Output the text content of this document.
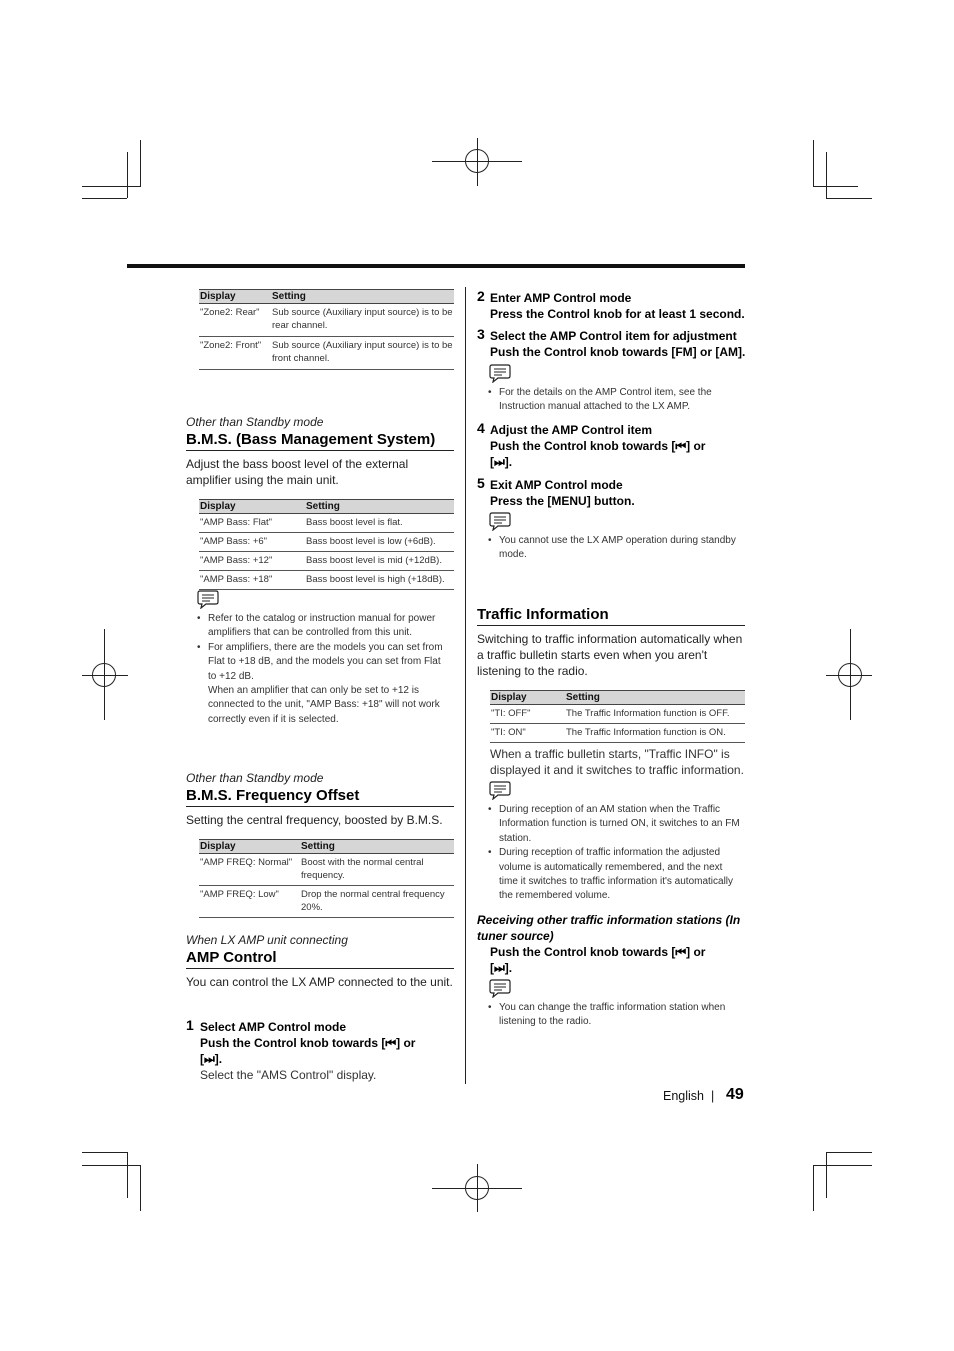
Display	Setting
"Zone2: Rear"	Sub source (Auxiliary input source) is to be rear channel.
"Zone2: Front"	Sub source (Auxiliary input source) is to be front channel.
Other than Standby mode
B.M.S. (Bass Management System)
Adjust the bass boost level of the external amplifier using the main unit.
Display	Setting
"AMP Bass: Flat"	Bass boost level is flat.
"AMP Bass: +6"	Bass boost level is low (+6dB).
"AMP Bass: +12"	Bass boost level is mid (+12dB).
"AMP Bass: +18"	Bass boost level is high (+18dB).
• Refer to the catalog or instruction manual for power amplifiers that can be controlled from this unit.
• For amplifiers, there are the models you can set from Flat to +18 dB, and the models you can set from Flat to +12 dB.
When an amplifier that can only be set to +12 is connected to the unit, "AMP Bass: +18" will not work correctly even if it is selected.
Other than Standby mode
B.M.S. Frequency Offset
Setting the central frequency, boosted by B.M.S.
Display	Setting
"AMP FREQ: Normal"	Boost with the normal central frequency.
"AMP FREQ: Low"	Drop the normal central frequency 20%.
When LX AMP unit connecting
AMP Control
You can control the LX AMP connected to the unit.
1 Select AMP Control mode
Push the Control knob towards [⏮] or
[⏭].
Select the "AMS Control" display.
2 Enter AMP Control mode
Press the Control knob for at least 1 second.
3 Select the AMP Control item for adjustment
Push the Control knob towards [FM] or [AM].
• For the details on the AMP Control item, see the Instruction manual attached to the LX AMP.
4 Adjust the AMP Control item
Push the Control knob towards [⏮] or
[⏭].
5 Exit AMP Control mode
Press the [MENU] button.
• You cannot use the LX AMP operation during standby mode.
Traffic Information
Switching to traffic information automatically when a traffic bulletin starts even when you aren't listening to the radio.
Display	Setting
"TI: OFF"	The Traffic Information function is OFF.
"TI: ON"	The Traffic Information function is ON.
When a traffic bulletin starts, "Traffic INFO" is displayed it and it switches to traffic information.
• During reception of an AM station when the Traffic Information function is turned ON, it switches to an FM station.
• During reception of traffic information the adjusted volume is automatically remembered, and the next time it switches to traffic information it's automatically the remembered volume.
Receiving other traffic information stations (In tuner source)
Push the Control knob towards [⏮] or
[⏭].
• You can change the traffic information station when listening to the radio.
English | 49
